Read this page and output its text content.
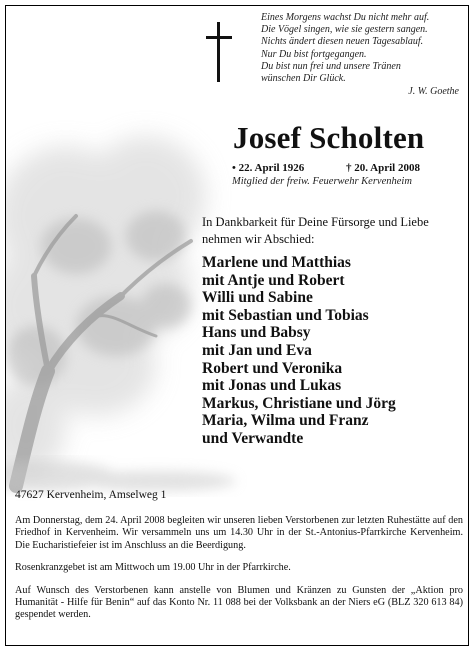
Eines Morgens wachst Du nicht mehr auf.
Die Vögel singen, wie sie gestern sangen.
Nichts ändert diesen neuen Tagesablauf.
Nur Du bist fortgegangen.
Du bist nun frei und unsere Tränen
wünschen Dir Glück.
J. W. Goethe
Josef Scholten
• 22. April 1926	† 20. April 2008
Mitglied der freiw. Feuerwehr Kervenheim
In Dankbarkeit für Deine Fürsorge und Liebe
nehmen wir Abschied:
Marlene und Matthias
mit Antje und Robert
Willi und Sabine
mit Sebastian und Tobias
Hans und Babsy
mit Jan und Eva
Robert und Veronika
mit Jonas und Lukas
Markus, Christiane und Jörg
Maria, Wilma und Franz
und Verwandte
47627 Kervenheim, Amselweg 1

Am Donnerstag, dem 24. April 2008 begleiten wir unseren lieben Verstorbenen zur letzten Ruhestätte auf den Friedhof in Kervenheim. Wir versammeln uns um 14.30 Uhr in der St.-Antonius-Pfarrkirche Kervenheim. Die Eucharistiefeier ist im Anschluss an die Beerdigung.

Rosenkranzgebet ist am Mittwoch um 19.00 Uhr in der Pfarrkirche.

Auf Wunsch des Verstorbenen kann anstelle von Blumen und Kränzen zu Gunsten der „Aktion pro Humanität - Hilfe für Benin“ auf das Konto Nr. 11 088 bei der Volksbank an der Niers eG (BLZ 320 613 84) gespendet werden.
